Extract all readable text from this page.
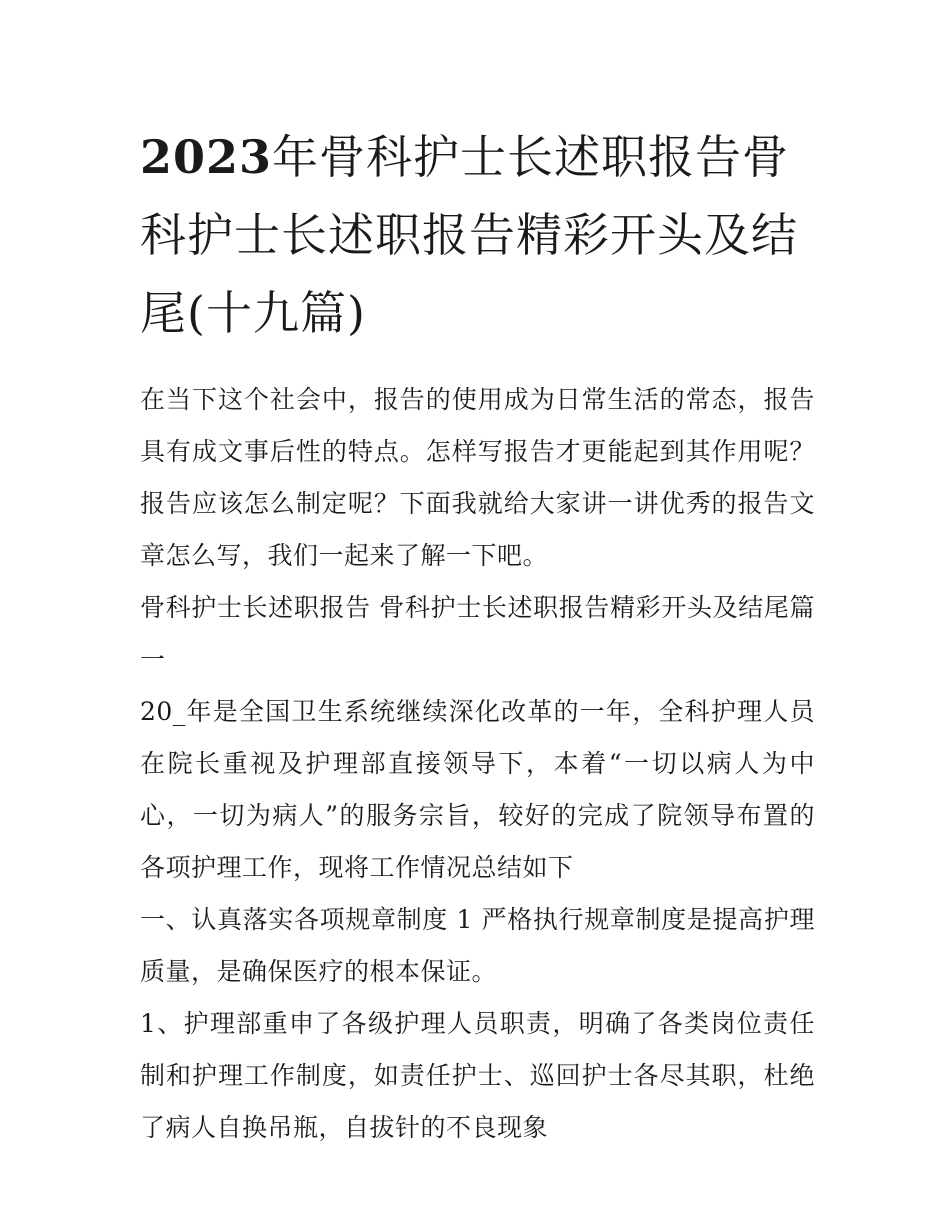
2023年骨科护士长述职报告骨科护士长述职报告精彩开头及结尾(十九篇)

在当下这个社会中，报告的使用成为日常生活的常态，报告具有成文事后性的特点。怎样写报告才更能起到其作用呢？报告应该怎么制定呢？下面我就给大家讲一讲优秀的报告文章怎么写，我们一起来了解一下吧。

骨科护士长述职报告 骨科护士长述职报告精彩开头及结尾篇一

20_年是全国卫生系统继续深化改革的一年，全科护理人员在院长重视及护理部直接领导下，本着“一切以病人为中心，一切为病人”的服务宗旨，较好的完成了院领导布置的各项护理工作，现将工作情况总结如下

一、认真落实各项规章制度 1 严格执行规章制度是提高护理质量，是确保医疗的根本保证。

1、护理部重申了各级护理人员职责，明确了各类岗位责任制和护理工作制度，如责任护士、巡回护士各尽其职，杜绝了病人自换吊瓶，自拔针的不良现象
